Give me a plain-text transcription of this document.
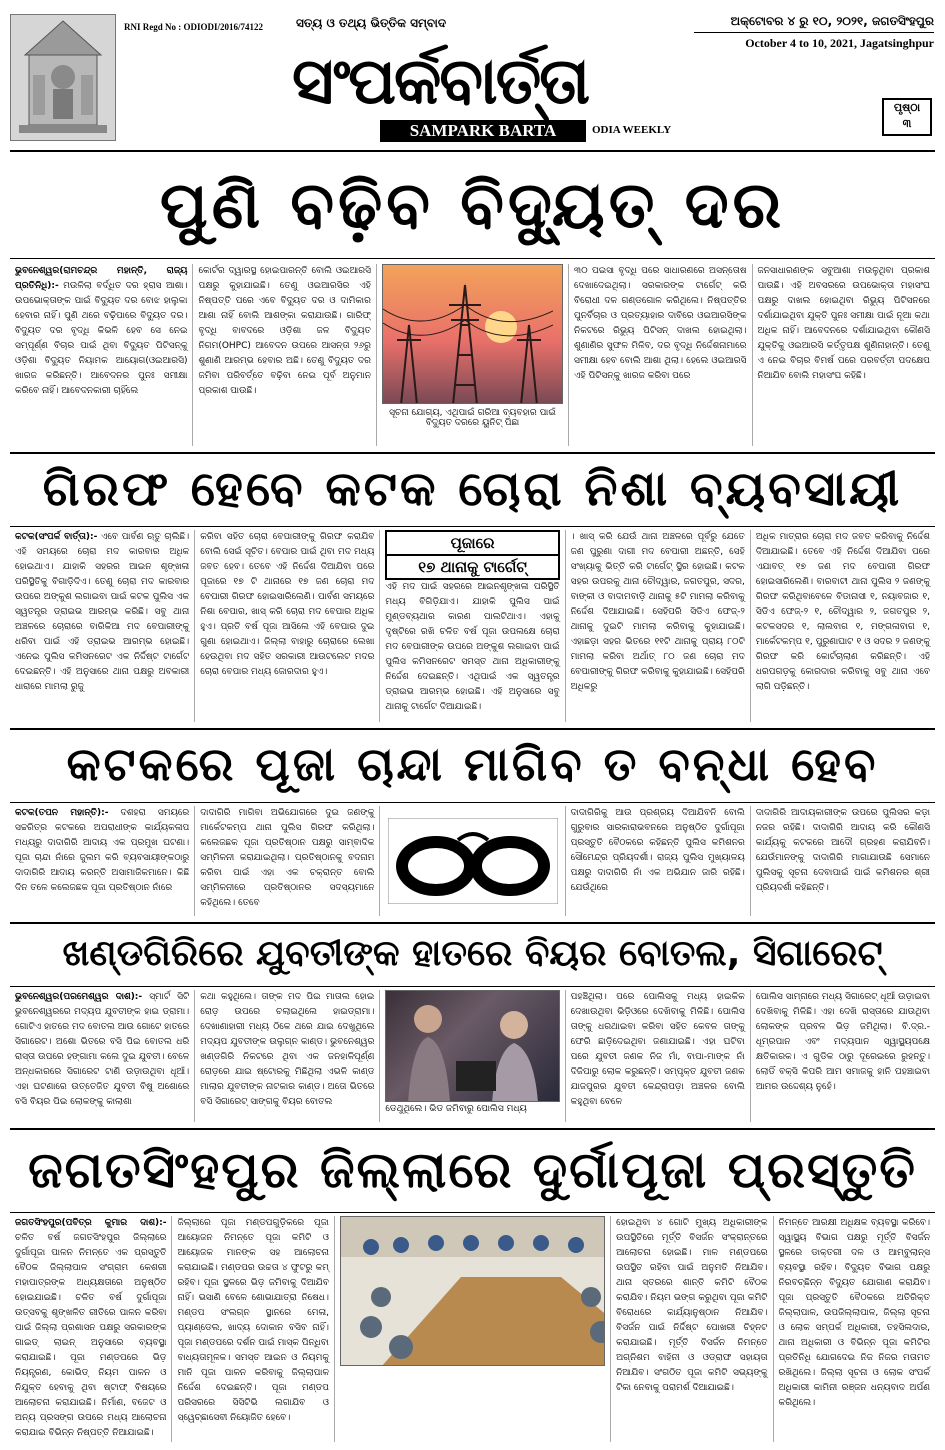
RNI Regd No : ODIODI/2016/74122	ସତ୍ୟ ଓ ତଥ୍ୟ ଭିତ୍ତିକ ସମ୍ବାଦ
ସଂପର୍କବାର୍ତ୍ତା
SAMPARK BARTA	ODIA WEEKLY
ଅକ୍ଟୋବର ୪ ରୁ ୧୦, ୨୦୨୧, ଜଗତସିଂହପୁର
October 4 to 10, 2021, Jagatsinghpur
ପୃଷ୍ଠା
୩
ପୁଣି ବଢ଼ିବ ବିଦ୍ୟୁତ୍ ଦର
ଭୁବନେଶ୍ୱର(ରାମଚନ୍ଦ୍ର ମହାନ୍ତି, ରାଜ୍ୟ ପ୍ରତିନିଧି):- ମଉଳିଲା ବର୍ଦ୍ଧିତ ଦର ହ୍ରାସ ଆଶା। ଉପଭୋକ୍ତାଙ୍କ ପାଇଁ ବିଦ୍ୟୁତ ଦର ବୋଝ ହାଲୁକା ହେବାର ନାହିଁ। ପୁଣି ଥରେ ବଢ଼ିପାରେ ବିଦ୍ୟୁତ ଦର। ବିଦ୍ୟୁତ ଦର ବୃଦ୍ଧି କିଭଳି ହେବ ସେ ନେଇ ସମ୍ପୂର୍ଣ୍ଣ ବିଚାର ପାଇଁ ଥିବା ବିଦ୍ୟୁତ ପିଟିସନ୍‌କୁ ଓଡ଼ିଶା ବିଦ୍ୟୁତ ନିୟାମକ ଆୟୋଗ(ଓଇଆରସି) ଖାରଜ କରିଛନ୍ତି। ଆବେଦନର ପୁନଃ ସମୀକ୍ଷା କରିବେ ନାହିଁ। ଆବେଦନକାରୀ ଚାହିଁଲେ
କୋର୍ଟର ଦ୍ୱାରସ୍ଥ ହୋଇପାରନ୍ତି ବୋଲି ଓଇଆରସି ପକ୍ଷରୁ କୁହାଯାଇଛି। ତେଣୁ ଓଇଆରସିର ଏହି ନିଷ୍ପତ୍ତି ପରେ ଏବେ ବିଦ୍ୟୁତ ଦର ଓ ଦାମିକାର ଆଶା ନାହିଁ ବୋଲି ଆଶଙ୍କା କରାଯାଉଛି। ଗାରିଫ୍ ବୃଦ୍ଧି ବାବଦରେ ଓଡ଼ିଶା ଜଳ ବିଦ୍ୟୁତ ନିଗମ(OHPC) ଆବେଦନ ଉପରେ ଆସନ୍ତା ୨୬ରୁ ଶୁଣାଣି ଆରମ୍ଭ ହେବାର ଅଛି। ତେଣୁ ବିଦ୍ୟୁତ ଦର ଜମିବା ପରିବର୍ତ୍ତେ ବଢ଼ିବା ନେଇ ପୂର୍ବ ଅନୁମାନ ପ୍ରକାଶ ପାଉଛି।
ସୂଚନା ଯୋଗ୍ୟ, ଏଥିପାଇଁ ଗରିଆ ବ୍ୟବହାର ପାଇଁ ବିଦ୍ୟୁତ ଦରରେ ୟୁନିଟ୍ ପିଛା
୩୦ ପଇସା ବୃଦ୍ଧି ପରେ ସାଧାରଣରେ ଅସନ୍ତୋଷ ଦେଖାଦେଇଥିଲା। ସରକାରଙ୍କ ଟାର୍ଗେଟ୍ କରି ବିରୋଧୀ ଦଳ ଗଣ୍ଡଗୋଳ କରିଥିଲେ। ନିଷ୍ପତ୍ତିର ପୁନର୍ବିଚାର ଓ ପ୍ରତ୍ୟାହାର ଦାବିରେ ଓଇଆରସିଙ୍କ ନିକଟରେ ରିଭ୍ୟୁ ପିଟିସନ୍ ଦାଖଲ ହୋଇଥିଲା। ଶୁଣାଣିର ସୁଫଳ ମିଳିବ, ଦର ବୃଦ୍ଧି ନିର୍ଦ୍ଦେଶନାମାରେ ସମୀକ୍ଷା ହେବ ବୋଲି ଆଶା ଥିଲା। ହେଲେ ଓଇଆରସି ଏହି ପିଟିସନ୍‌କୁ ଖାରଜ କରିବା ପରେ
ଜନସାଧାରଣଙ୍କ ସବୁଆଶା ମଉଳୁଥିବା ପ୍ରକାଶ ପାଉଛି। ଏହି ଅବସରରେ ଉପଭୋକ୍ତା ମହାସଂଘ ପକ୍ଷରୁ ଦାଖଲ ହୋଇଥିବା ରିଭ୍ୟୁ ପିଟିସନରେ ଦର୍ଶାଯାଇଥିବା ଯୁକ୍ତି ପୁନଃ ସମୀକ୍ଷା ପାଇଁ ନୂଆ କଥା ଅଧିକ ନାହିଁ। ଆବେଦନରେ ଦର୍ଶାଯାଇଥିବା କୌଣସି ଯୁକ୍ତିକୁ ଓଇଆରସି କର୍ତ୍ତୃପକ୍ଷ ଶୁଣିନାହାନ୍ତି। ତେଣୁ ଏ ନେଇ ବିଚାର ବିମର୍ଷ ପରେ ପରବର୍ତ୍ତୀ ପଦକ୍ଷେପ ନିଆଯିବ ବୋଲି ମହାସଂଘ କହିଛି।
ଗିରଫ ହେବେ କଟକ ଚୋରା ନିଶା ବ୍ୟବସାୟୀ
କଟକ(ସଂପର୍କ ବାର୍ତ୍ତା):- ଏବେ ପାର୍ବଣ ଋତୁ ଚାଲିଛି। ଏହି ସମୟରେ ଚୋରା ମଦ କାରବାର ଅଧିକ ହୋଇଥାଏ। ଯାହାକି ସହରର ଆଇନ ଶୃଙ୍ଖଳା ପରିସ୍ଥିତିକୁ ବିଗାଡ଼ିଦିଏ। ତେଣୁ ଚୋରା ମଦ କାରବାର ଉପରେ ଅଙ୍କୁଶ ଲଗାଇବା ପାଇଁ କଟକ ପୁଲିସ ଏକ ସ୍ୱତନ୍ତ୍ର ଡ୍ରାଇଭ ଆରମ୍ଭ କରିଛି। ସବୁ ଥାନା ଅଞ୍ଚଳରେ ଚୋରାରେ ବାରିକିଆ ମଦ ବେପାରୀଙ୍କୁ ଧରିବା ପାଇଁ ଏହି ଡ୍ରାଇଭ ଆରମ୍ଭ ହୋଇଛି। ଏନେଇ ପୁଲିସ କମିସନରେଟ ଏକ ନିର୍ଦ୍ଦିଷ୍ଟ ଟାର୍ଗେଟ ଦେଇଛନ୍ତି। ଏହି ଅନୁସାରେ ଥାନା ପକ୍ଷରୁ ଅବକାରୀ ଧାରାରେ ମାମଲା ରୁଜୁ
କରିବା ସହିତ ଚୋରା ବେପାରୀଙ୍କୁ ଗିରଫ କରାଯିବ ବୋଲି ସେଇଁ ସୂଚିତ। ବେପାର ପାଇଁ ଥିବା ମଦ ମଧ୍ୟ ଜବତ ହେବ। ତେବେ ଏହି ନିର୍ଦ୍ଦେଶ ଦିଆଯିବା ପରେ ପୂଜାରେ ୧୭ ଟି ଥାନାରେ ୧୭ ଜଣ ଚୋରା ମଦ ବେପାରୀ ଗିରଫ ହୋଇସାରିଲେଣି। ପାର୍ବଣ ସମୟରେ ନିଶା ବେପାର, ଖାସ୍ କରି ଚୋରା ମଦ ବେପାର ଅଧିକ ହୁଏ। ପ୍ରତି ବର୍ଷ ପୂଜା ଆସିଲେ ଏହି ବେପାର ଦୁଇ ଗୁଣା ହୋଇଥାଏ। ଜିଲ୍ଲା ବାହାରୁ ଚୋରାରେ ଲେଖା ହେଉଥିବା ମଦ ସହିତ ସରକାରୀ ଆଉଟଲେଟ ମଦର ଚୋରା ବେପାର ମଧ୍ୟ ଜୋରଦାର ହୁଏ।
ପୂଜାରେ
୧୭ ଥାନାକୁ ଟାର୍ଗେଟ୍
ଏହି ମଦ ପାଇଁ ସହରରେ ଆଇନଶୃଙ୍ଖଳା ପରିସ୍ଥିତି ମଧ୍ୟ ବିଗିଡ଼ିଯାଏ। ଯାହାକି ପୁଲିସ ପାଇଁ ମୁଣ୍ଡବ୍ୟଥାର କାରଣ ପାଲଟିଥାଏ। ଏହାକୁ ଦୃଷ୍ଟିରେ ରଖି ଚଳିତ ବର୍ଷ ପୂଜା ଉପଲକ୍ଷେ ଚୋରା ମଦ ବେପାରୀଙ୍କ ଉପରେ ଅଙ୍କୁଶ ଲଗାଇବା ପାଇଁ ପୁଲିସ କମିସନରେଟ ସମସ୍ତ ଥାନା ଅଧିକାରୀଙ୍କୁ ନିର୍ଦ୍ଦେଶ ଦେଇଛନ୍ତି। ଏଥିପାଇଁ ଏକ ସ୍ୱତନ୍ତ୍ର ଡ୍ରାଇଭ ଆରମ୍ଭ ହୋଇଛି। ଏହି ଅନୁସାରେ ସବୁ ଥାନାକୁ ଟାର୍ଗେଟ ଦିଆଯାଇଛି।
। ଖାସ୍ କରି ଯେଉଁ ଥାନା ଅଞ୍ଚଳରେ ପୂର୍ବରୁ ଯେତେ ଜଣ ପୁରୁଣା ଦାଗୀ ମଦ ବେପାରୀ ଅଛନ୍ତି, ସେହି ସଂଖ୍ୟାକୁ ଭିତ୍ତି କରି ଟାର୍ଗେଟ୍ ସ୍ଥିର ହୋଇଛି। କଟକ ସହର ଉପରକୁ ଥାନା ଚୌଦ୍ୱାର, ଜଗତପୁର, ସଦର, ବାଙ୍କୀ ଓ ବାଦାମବାଡ଼ି ଥାନାକୁ ୫ଟି ମାମଲା କରିବାକୁ ନିର୍ଦ୍ଦେଶ ଦିଆଯାଇଛି। ସେହିପରି ସିଡିଏ ଫେଜ୍-୨ ଥାନାକୁ ଦୁଇଟି ମାମଲା କରିବାକୁ କୁହାଯାଇଛି। ଏହାଛଡ଼ା ସହର ଭିତରେ ୧୧ଟି ଥାନାକୁ ପ୍ରାୟ ୮୦ଟି ମାମଲା କରିବା ଅର୍ଥାତ୍ ୮୦ ଜଣ ଚୋରା ମଦ ବେପାରୀଙ୍କୁ ଗିରଫ କରିବାକୁ କୁହାଯାଇଛି। ସେହିପରି ଅଧିକରୁ
ଅଧିକ ମାତ୍ରାର ଚୋରା ମଦ ଜବତ କରିବାକୁ ନିର୍ଦ୍ଦେଶ ଦିଆଯାଇଛି। ତେବେ ଏହି ନିର୍ଦ୍ଦେଶ ଦିଆଯିବା ପରେ ଏଯାବତ୍ ୧୭ ଜଣ ମଦ ବେପାରୀ ଗିରଫ ହୋଇସାରିଲେଣି। ବାରବାଟୀ ଥାନା ପୁଲିସ ୨ ଜଣଙ୍କୁ ଗିରଫ କରିଥିବାବେଳେ ବିଡାନାସୀ ୧, ନୟାବଜାର ୧, ସିଡିଏ ଫେଜ୍-୨ ୧, ଚୌଦ୍ୱାର ୨, ଜଗତପୁର ୨, କଟକସଦର ୧, ଲାଲବାଗ ୧, ମଙ୍ଗଳାବାଗ ୧, ମାର୍କେଟକମ୍ପ ୧, ପୁରୁଣାଘାଟ ୧ ଓ ସଦର ୨ ଜଣଙ୍କୁ ଗିରଫ କରି କୋର୍ଟଚାଲାଣ କରିଛନ୍ତି। ଏହି ଧରପଗଡ଼କୁ କୋରଦାର କରିବାକୁ ସବୁ ଥାନା ଏବେ ଲାଗି ପଡ଼ିଛନ୍ତି।
କଟକରେ ପୂଜା ଚାନ୍ଦା ମାଗିବ ତ ବନ୍ଧା ହେବ
କଟକ(ତପନ ମହାନ୍ତି):- ଦଶହରା ସମୟରେ ସଚ୍ଚରିତ୍ର କଟକରେ ଅପରାଧୀଙ୍କ କାର୍ଯ୍ୟକଳାପ ମଧ୍ୟରୁ ଦାଦାଗିରି ଆଦାୟ ଏକ ପ୍ରମୁଖ ଘଟଣା। ପୂଜା ଚାନ୍ଦା ନାଁରେ ଜୁଲମ କରି ବ୍ୟବସାୟୀଙ୍କଠାରୁ ଦାଦାଗିରି ଆଦାୟ କରନ୍ତି ଅସାମାଜିକମାନେ। କିଛି ଦିନ ତଳେ କଲେଜଛକ ପୂଜା ପ୍ରତିଷ୍ଠାନ ନାଁରେ
ଦାଦାଗିରି ମାଗିବା ଅଭିଯୋଗରେ ଦୁଇ ଜଣଙ୍କୁ ମାର୍କେଟକମ୍ପ ଥାନା ପୁଲିସ ଗିରଫ କରିଥିଲା। କଲେଜଛକ ପୂଜା ପ୍ରତିଷ୍ଠାନ ପକ୍ଷରୁ ସାମ୍ବାଦିକ ସମ୍ମିଳନୀ କରାଯାଇଥିଲା। ପ୍ରତିଷ୍ଠାନକୁ ବଦନାମ କରିବା ପାଇଁ ଏହା ଏକ ଚକ୍ରାନ୍ତ ବୋଲି ସମ୍ମିଳନୀରେ ପ୍ରତିଷ୍ଠାନର ସଦସ୍ୟମାନେ କହିଥିଲେ। ତେବେ
ଦାଦାଗିରିକୁ ଆଉ ପ୍ରଶ୍ରୟ ଦିଆଯିବନି ବୋଲି ଗୁରୁବାର ସାରକାରାଭବନରେ ଅନୁଷ୍ଠିତ ଦୁର୍ଗାପୂଜା ପ୍ରସ୍ତୁତି ବୈଠକରେ କହିଛନ୍ତି ପୁଲିସ କମିଶନର ସୌମେନ୍ଦ୍ର ପ୍ରିୟଦର୍ଶୀ। ରାଜ୍ୟ ପୁଲିସ ମୁଖ୍ୟାଳୟ ପକ୍ଷରୁ ଦାଦାଗିରି ନାଁ ଏକ ଅଭିଯାନ ଜାରି ରହିଛି। ଯେଉଁଥିରେ
ଦାଦାଗିରି ଆଦାୟକାରୀଙ୍କ ଉପରେ ପୁଲିସର କଡ଼ା ନଜର ରହିଛି। ଦାଦାଗିରି ଆଦାୟ କରି କୌଣସି କାର୍ଯ୍ୟକୁ କଟକରେ ଆଦୌ ଗ୍ରହଣ କରାଯିବନି। ଯେଉଁମାନଙ୍କୁ ଦାଦାଗିରି ମାଗାଯାଉଛି ସେମାନେ ପୁଲିସକୁ ସୂଚନା ଦେବାପାଇଁ ପାଇଁ କମିଶନର ଶ୍ରୀ ପ୍ରିୟଦର୍ଶୀ କହିଛନ୍ତି।
ଖଣ୍ଡଗିରିରେ ଯୁବତୀଙ୍କ ହାତରେ ବିୟର ବୋତଲ, ସିଗାରେଟ୍
ଭୁବନେଶ୍ୱର(ପରମେଶ୍ୱର ଦାଶ):- ସ୍ମାର୍ଟ ସିଟି ଭୁବନେଶ୍ୱରରେ ମଦ୍ୟପ ଯୁବତୀଙ୍କ ହାଇ ଡ୍ରାମା। ଗୋଟିଏ ହାତରେ ମଦ ବୋତଲ ଆଉ ଗୋଟେ ହାତରେ ସିଗାରେଟ। ଅଶୋ ଭିତରେ ବସି ପିଇ ବୋତଲ ଧରି ରାସ୍ତା ଉପରେ ହଙ୍ଗାମା କଲେ ଦୁଇ ଯୁବତୀ। ବେଳେ ଅନ୍ଧକାରରେ ସିଗାରେଟ ଟାଣି ଉଡ଼ାଉଥିବା ଧୂଆଁ। ଏହା ଘଟଣାରେ ଉତ୍ତେଜିତ ଯୁବତୀ ବିଷୁ ଅଶୋରେ ବସି ବିୟର ପିଇ ଲୋକଙ୍କୁ କାଲାଶା
କଥା କହୁଥିଲେ। ତାଙ୍କ ମଦ ପିଇ ମାତାଲ ହୋଇ ରୋଡ଼ ଉପରେ ଚଲାଇଥିଲେ ହାଇଡ୍ରାମା। ଦେଖାଣାହାରୀ ମଧ୍ୟ ଠିକେ ଥରେ ଯାଇ ଦେଖୁଥିଲେ ମଦ୍ୟପ ଯୁବତୀଙ୍କ ଉଲୁଗ୍ନ କାଣ୍ଡ। ଭୁବନେଶ୍ୱର ଖଣ୍ଡଗିରି ନିକଟରେ ଥିବା ଏକ ଜନହାଳିପୂର୍ଣ୍ଣ ରୋଡ଼ରେ ଯାଇ ଷ୍ଟୋରକୁ ମିଛିଥିଲା ଏଭଳି କାଣ୍ଡ ମାଲାର ଯୁବତୀଙ୍କ ନାଟକାର କାଣ୍ଡ। ଅତୋ ଭିତରେ ବସି ସିଗାରେଟ୍ ସାଙ୍ଗକୁ ବିୟର ବୋତଲ
ଡେଥୁଥିଲେ। ଭିଡ ଜମିବାରୁ ପୋଲିସ ମଧ୍ୟ
ପହଞ୍ଚିଥିଲା। ପରେ ପୋଲିସକୁ ମଧ୍ୟ ହାଇକିକ ଦେଖାଉଥିବା ଭିଡ଼ିଓରେ ଦେଖିବାକୁ ମିଳିଛି। ପୋଲିସ ତାଙ୍କୁ ଧରଥାଇବା କରିବା ସହିତ କେବଳ ତାଙ୍କୁ ଫେରି ଛାଡ଼ିଦେଇଥିବା ଜଣାଯାଇଛି। ଏହା ଘଟିବା ପରେ ଯୁବତୀ ଜଣକ ନିଜ ମାଁ, ବାପା-ମାଙ୍କ ନାଁ ଦିଜିପାରୁ ଲୋକ କରୁଛନ୍ତି। ସମ୍ପୃକ୍ତ ଯୁବତୀ ଜଣକ ଯାଜପୁରର ଯୁବତୀ କେନ୍ଦ୍ରାପଡ଼ା ଅଞ୍ଚଳର ବୋଲି କହୁଥିବା ବେଳେ
ପୋଲିସ ସାମ୍ନାରେ ମଧ୍ୟ ସିଗାରେଟ୍ ଧୂଆଁ ଉଡ଼ାଇବା ଦେଖିବାକୁ ମିଳିଛି। ଏହା ଦେଖି ରାସ୍ତାରେ ଯାଉଥିବା ଲୋକଙ୍କ ପ୍ରବଳ ଭିଡ଼ ଜମିଥିଲା। ବି.ଦ୍ର.- ଧୂମ୍ରପାନ ଏବଂ ମଦ୍ୟପାନ ସ୍ୱାସ୍ଥ୍ୟପକ୍ଷେ କ୍ଷତିକାରକ। ଏ ଗୁଡିକ ଠାରୁ ଦୂରେଇରେ ରୁହନ୍ତୁ। ଲୋଡିଁ ବକ୍ସି କିପରି ଆମ ସମାଜକୁ ହାନି ପହଞ୍ଚାଇବା ଆମର ଉଦ୍ଦେଶ୍ୟ ନୁହେଁ।
ଜଗତସିଂହପୁର ଜିଲ୍ଲାରେ ଦୁର୍ଗାପୂଜା ପ୍ରସ୍ତୁତି
ଜଗତସିଂହପୁର(ପବିତ୍ର କୁମାର ଦାଶ):- ଚଳିତ ବର୍ଷ ଜଗତସିଂହପୁର ଜିଲ୍ଲାରେ ଦୁର୍ଗାପୂଜା ପାଳନ ନିମନ୍ତେ ଏକ ପ୍ରସ୍ତୁତି ବୈଠକ ଜିଲ୍ଲାପାଳ ସଂଗ୍ରାମ କେଶରୀ ମହାପାତ୍ରଙ୍କ ଅଧ୍ୟକ୍ଷତାରେ ଅନୁଷ୍ଠିତ ହୋଇଯାଇଛି। ଚଳିତ ବର୍ଷ ଦୁର୍ଗାପୂଜା ଉତ୍ସବକୁ ଶୃଙ୍ଖଳିତ ରୀତିରେ ପାଳନ କରିବା ପାଇଁ ଜିଲ୍ଲା ପ୍ରଶାସନ ପକ୍ଷରୁ ସରକାରଙ୍କ ଗାଇଡ୍ ଲାଇନ୍ ଅନୁସାରେ ବ୍ୟବସ୍ଥା କରାଯାଇଛି। ପୂଜା ମଣ୍ଡପରେ ଭିଡ଼ ନିୟନ୍ତ୍ରଣ, କୋଭିଡ୍ ନିୟମ ପାଳନ ଓ ନିଯୁକ୍ତ ହେବାକୁ ଥିବା ଷ୍ଟାଫ୍ ବିଷୟରେ ଆଲୋଚନା କରାଯାଇଛି। ନିର୍ମାଣ, ବଜେଟ ଓ ଅନ୍ୟ ପ୍ରସଙ୍ଗ ଉପରେ ମଧ୍ୟ ଆଲୋଚନା କରାଯାଇ ବିଭିନ୍ନ ନିଷ୍ପତ୍ତି ନିଆଯାଇଛି।
ଜିଲ୍ଲାରେ ପୂଜା ମଣ୍ଡପଗୁଡ଼ିକରେ ପୂଜା ଆୟୋଜନ ନିମନ୍ତେ ପୂଜା କମିଟି ଓ ଆୟୋଜକ ମାନଙ୍କ ସହ ଆଲୋଚନା କରାଯାଇଛି। ମଣ୍ଡପର ଉଚ୍ଚତା ୪ ଫୁଟରୁ କମ୍ ରହିବ। ପୂଜା ସ୍ଥଳରେ ଭିଡ଼ ଜମିବାକୁ ଦିଆଯିବ ନାହିଁ। ଭସାଣି ବେଳେ ଶୋଭାଯାତ୍ରା ନିଷେଧ। ମଣ୍ଡପ ସଂଲଗ୍ନ ସ୍ଥାନରେ ମେଳା, ପ୍ୟାଣ୍ଡେଲ, ଖାଦ୍ୟ ଦୋକାନ ବସିବ ନାହିଁ। ପୂଜା ମଣ୍ଡପରେ ଦର୍ଶନ ପାଇଁ ମାସ୍କ ପିନ୍ଧିବା ବାଧ୍ୟତାମୂଳକ। ସମସ୍ତ ଆଇନ ଓ ନିୟମକୁ ମାନି ପୂଜା ପାଳନ କରିବାକୁ ଜିଲ୍ଲାପାଳ ନିର୍ଦ୍ଦେଶ ଦେଇଛନ୍ତି। ପୂଜା ମଣ୍ଡପ ପରିସରରେ ସିସିଟିଭି ଲଗାଯିବ ଓ ସ୍ୱେଚ୍ଛାସେବୀ ନିୟୋଜିତ ହେବେ।
ହୋଇଥିବା ୪ ଗୋଟି ମୁଖ୍ୟ ଅଧିକାରୀଙ୍କ ଉପସ୍ଥିତିରେ ମୂର୍ତ୍ତି ବିସର୍ଜନ ସଂକ୍ରାନ୍ତରେ ଆଲୋଚନା ହୋଇଛି। ମାଳ ମଣ୍ଡପରେ ଉପସ୍ଥିତ ରହିବା ପାଇଁ ଅନୁମତି ନିଆଯିବ। ଥାନା ସ୍ତରରେ ଶାନ୍ତି କମିଟି ବୈଠକ କରାଯିବ। ନିୟମ ଭଙ୍ଗ କରୁଥିବା ପୂଜା କମିଟି ବିରୋଧରେ କାର୍ଯ୍ୟାନୁଷ୍ଠାନ ନିଆଯିବ। ବିସର୍ଜନ ପାଇଁ ନିର୍ଦ୍ଦିଷ୍ଟ ପୋଖରୀ ଚିହ୍ନଟ କରାଯାଇଛି। ମୂର୍ତ୍ତି ବିସର୍ଜନ ନିମନ୍ତେ ଅଗ୍ନିଶମ ବାହିନୀ ଓ ଓଡ୍ରାଫ ସହାୟତା ନିଆଯିବ। ସଂଗଠିତ ପୂଜା କମିଟି ସଭ୍ୟଙ୍କୁ ଟିକା ନେବାକୁ ପରାମର୍ଶ ଦିଆଯାଇଛି।
ନିମନ୍ତେ ଆରକ୍ଷୀ ଅଧିକ୍ଷକ ବ୍ୟବସ୍ଥା କରିବେ। ସ୍ୱାସ୍ଥ୍ୟ ବିଭାଗ ପକ୍ଷରୁ ମୂର୍ତ୍ତି ବିସର୍ଜନ ସ୍ଥଳରେ ଡାକ୍ତରୀ ଦଳ ଓ ଆମ୍ବୁଲାନ୍ସ ବ୍ୟବସ୍ଥା ରହିବ। ବିଦ୍ୟୁତ ବିଭାଗ ପକ୍ଷରୁ ନିରବଚ୍ଛିନ୍ନ ବିଦ୍ୟୁତ ଯୋଗାଣ କରାଯିବ। ପୂଜା ପ୍ରସ୍ତୁତି ବୈଠକରେ ଅତିରିକ୍ତ ଜିଲ୍ଲାପାଳ, ଉପଜିଲ୍ଲାପାଳ, ଜିଲ୍ଲା ସୂଚନା ଓ ଲୋକ ସମ୍ପର୍କ ଅଧିକାରୀ, ତହସିଲଦାର, ଥାନା ଅଧିକାରୀ ଓ ବିଭିନ୍ନ ପୂଜା କମିଟିର ପ୍ରତିନିଧି ଯୋଗଦେଇ ନିଜ ନିଜର ମତାମତ ରଖିଥିଲେ। ଜିଲ୍ଲା ସୂଚନା ଓ ଲୋକ ସଂପର୍କ ଅଧିକାରୀ କାମିନୀ ରଞ୍ଜନ ଧନ୍ୟବାଦ ଅର୍ପଣ କରିଥିଲେ।
